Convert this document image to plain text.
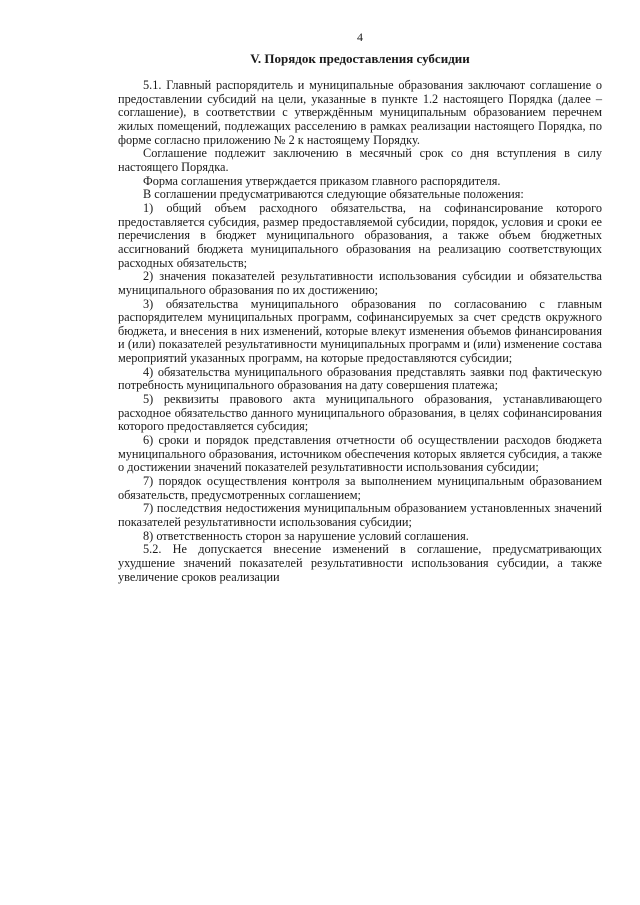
4
V. Порядок предоставления субсидии

5.1. Главный распорядитель и муниципальные образования заключают соглашение о предоставлении субсидий на цели, указанные в пункте 1.2 настоящего Порядка (далее – соглашение), в соответствии с утверждённым муниципальным образованием перечнем жилых помещений, подлежащих расселению в рамках реализации настоящего Порядка, по форме согласно приложению № 2 к настоящему Порядку.

Соглашение подлежит заключению в месячный срок со дня вступления в силу настоящего Порядка.

Форма соглашения утверждается приказом главного распорядителя.

В соглашении предусматриваются следующие обязательные положения:

1) общий объем расходного обязательства, на софинансирование которого предоставляется субсидия, размер предоставляемой субсидии, порядок, условия и сроки ее перечисления в бюджет муниципального образования, а также объем бюджетных ассигнований бюджета муниципального образования на реализацию соответствующих расходных обязательств;

2) значения показателей результативности использования субсидии и обязательства муниципального образования по их достижению;

3) обязательства муниципального образования по согласованию с главным распорядителем муниципальных программ, софинансируемых за счет средств окружного бюджета, и внесения в них изменений, которые влекут изменения объемов финансирования и (или) показателей результативности муниципальных программ и (или) изменение состава мероприятий указанных программ, на которые предоставляются субсидии;

4) обязательства муниципального образования представлять заявки под фактическую потребность муниципального образования на дату совершения платежа;

5) реквизиты правового акта муниципального образования, устанавливающего расходное обязательство данного муниципального образования, в целях софинансирования которого предоставляется субсидия;

6) сроки и порядок представления отчетности об осуществлении расходов бюджета муниципального образования, источником обеспечения которых является субсидия, а также о достижении значений показателей результативности использования субсидии;

7) порядок осуществления контроля за выполнением муниципальным образованием обязательств, предусмотренных соглашением;

7) последствия недостижения муниципальным образованием установленных значений показателей результативности использования субсидии;

8) ответственность сторон за нарушение условий соглашения.

5.2. Не допускается внесение изменений в соглашение, предусматривающих ухудшение значений показателей результативности использования субсидии, а также увеличение сроков реализации
